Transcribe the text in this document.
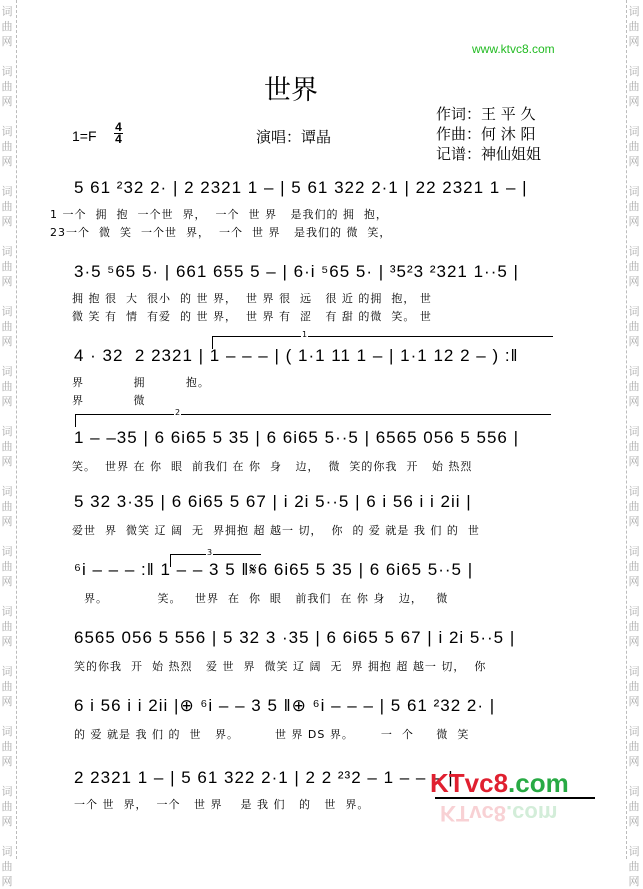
词曲网
词曲网
词曲网
词曲网
词曲网
词曲网
词曲网
词曲网
词曲网
词曲网
词曲网
词曲网
词曲网
词曲网
词曲网
词曲网
词曲网
词曲网
词曲网
词曲网
词曲网
词曲网
词曲网
词曲网
词曲网
词曲网
词曲网
词曲网
词曲网
词曲网
www.ktvc8.com
世界
1=F
4
4	演唱：谭晶
作词：王 平 久
作曲：何 沐 阳
记谱：神仙姐姐
5 61 ²32 2· | 2 2321 1 – | 5 61 322 2·1 | 22 2321 1 – |
1 一个  拥  抱  一个世  界，  一个  世 界   是我们的 拥  抱，
23一个  微  笑  一个世  界，  一个  世 界   是我们的 微  笑，
3·5 ⁵65 5· | 661 655 5 – | 6·i ⁵65 5· | ³5²3 ²321 1··5 |
拥 抱 很  大  很小  的 世 界，  世 界 很  远   很 近 的拥  抱， 世
微 笑 有  情  有爱  的 世 界，  世 界 有  涩   有 甜 的微  笑。 世
1
4 · 32  2 2321 | 1 – – – | ( 1·1 11 1 – | 1·1 12 2 – ) :‖
界           拥         抱。
界           微
2
1 – –35 | 6 6i65 5 35 | 6 6i65 5··5 | 6565 056 5 556 |
笑。  世界 在 你  眼  前我们 在 你  身   边，  微  笑的你我  开   始 热烈
5 32 3·35 | 6 6i65 5 67 | i 2i 5··5 | 6 i 56 i i 2ii |
爱世  界  微笑 辽 阔  无  界拥抱 超 越一 切，  你  的 爱 就是 我 们 的  世
3
⁶i – – – :‖ 1 – – 3 5 ‖𝄋6 6i65 5 35 | 6 6i65 5··5 |
界。           笑。   世界  在  你  眼   前我们  在 你 身   边，   微
6565 056 5 556 | 5 32 3 ·35 | 6 6i65 5 67 | i 2i 5··5 |
笑的你我  开  始 热烈   爱 世  界  微笑 辽 阔  无  界 拥抱 超 越一 切，  你
6 i 56 i i 2ii |⊕ ⁶i – – 3 5 ‖⊕ ⁶i – – – | 5 61 ²32 2· |
的 爱 就是 我 们 的  世   界。        世 界 DS 界。      一  个     微  笑
2 2321 1 – | 5 61 322 2·1 | 2 2 ²³2 – 1 – – – |
一个 世  界，  一个   世 界    是 我 们   的   世  界。
KTvc8.com
KTvc8.com
